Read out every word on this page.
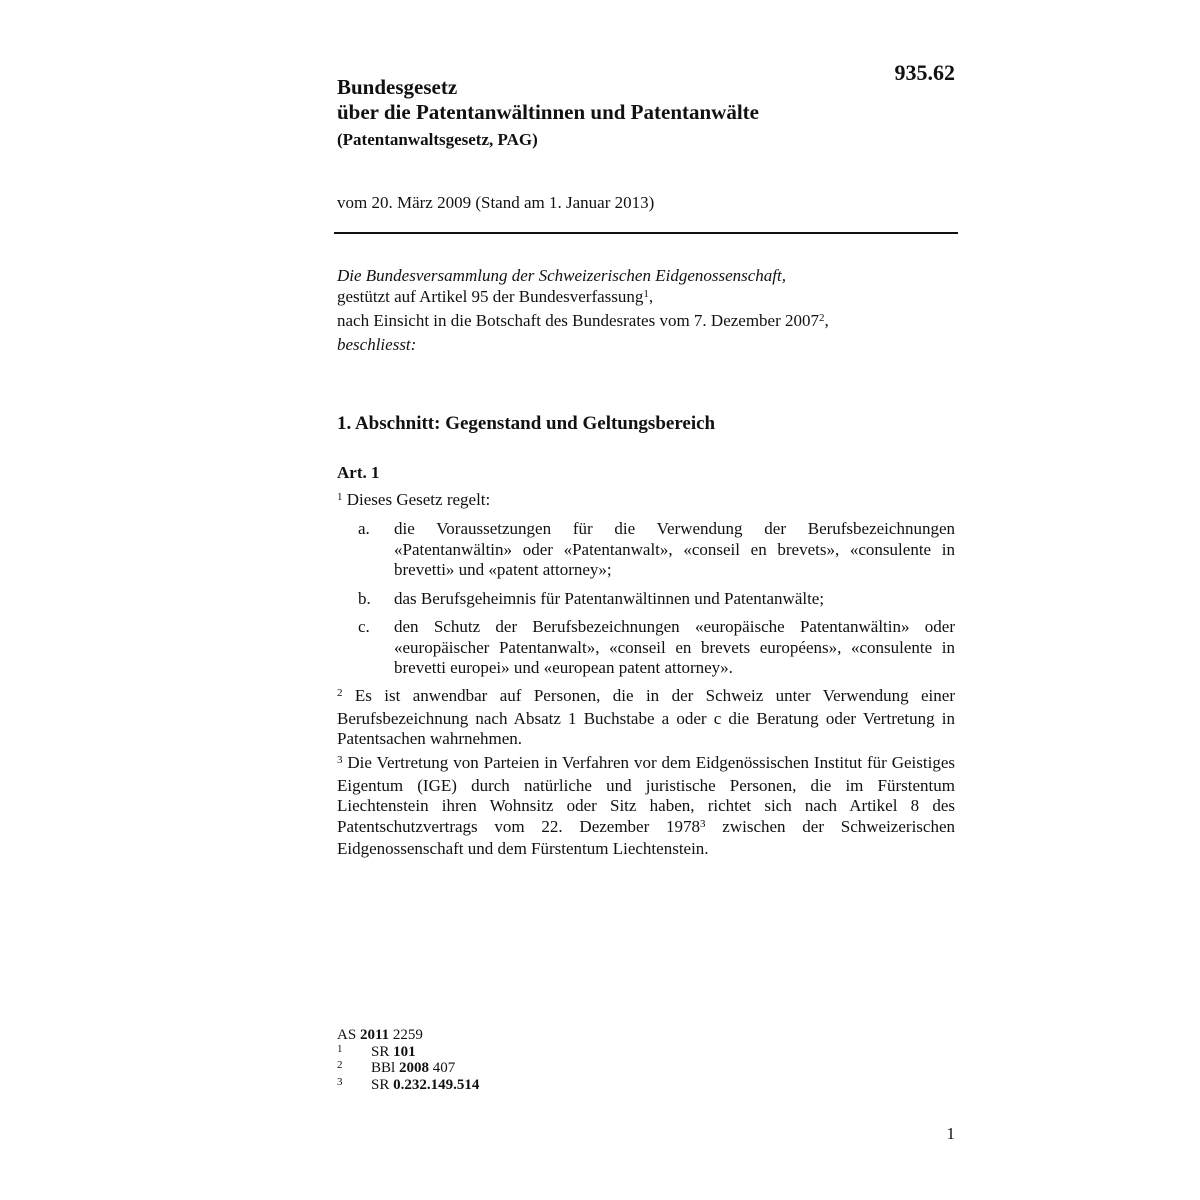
935.62
Bundesgesetz
über die Patentanwältinnen und Patentanwälte
(Patentanwaltsgesetz, PAG)
vom 20. März 2009 (Stand am 1. Januar 2013)
Die Bundesversammlung der Schweizerischen Eidgenossenschaft,
gestützt auf Artikel 95 der Bundesverfassung$^1$,
nach Einsicht in die Botschaft des Bundesrates vom 7. Dezember 2007$^2$,
beschliesst:
1. Abschnitt: Gegenstand und Geltungsbereich
Art. 1
$^1$ Dieses Gesetz regelt:
a. die Voraussetzungen für die Verwendung der Berufsbezeichnungen «Patentanwältin» oder «Patentanwalt», «conseil en brevets», «consulente in brevetti» und «patent attorney»;
b. das Berufsgeheimnis für Patentanwältinnen und Patentanwälte;
c. den Schutz der Berufsbezeichnungen «europäische Patentanwältin» oder «europäischer Patentanwalt», «conseil en brevets européens», «consulente in brevetti europei» und «european patent attorney».
$^2$ Es ist anwendbar auf Personen, die in der Schweiz unter Verwendung einer Berufsbezeichnung nach Absatz 1 Buchstabe a oder c die Beratung oder Vertretung in Patentsachen wahrnehmen.
$^3$ Die Vertretung von Parteien in Verfahren vor dem Eidgenössischen Institut für Geistiges Eigentum (IGE) durch natürliche und juristische Personen, die im Fürstentum Liechtenstein ihren Wohnsitz oder Sitz haben, richtet sich nach Artikel 8 des Patentschutzvertrags vom 22. Dezember 1978$^3$ zwischen der Schweizerischen Eidgenossenschaft und dem Fürstentum Liechtenstein.
AS 2011 2259
1	SR 101
2	BBl 2008 407
3	SR 0.232.149.514
1
